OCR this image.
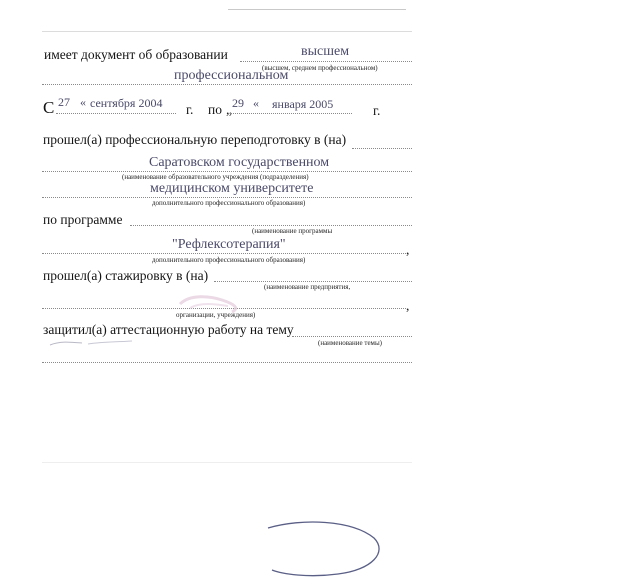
имеет документ об образовании	высшем
(высшем, среднем профессиональном)
профессиональном
С 27 « сентября 2004 г. по „ 29 « января 2005	г.
прошел(а) профессиональную переподготовку в (на)
Саратовском государственном
(наименование образовательного учреждения (подразделения)
медицинском университете
дополнительного профессионального образования)
по программе
(наименование программы
"Рефлексотерапия"	,
дополнительного профессионального образования)
прошел(а) стажировку в (на)
(наименование предприятия,
,
организации, учреждения)
защитил(а) аттестационную работу на тему
(наименование темы)
